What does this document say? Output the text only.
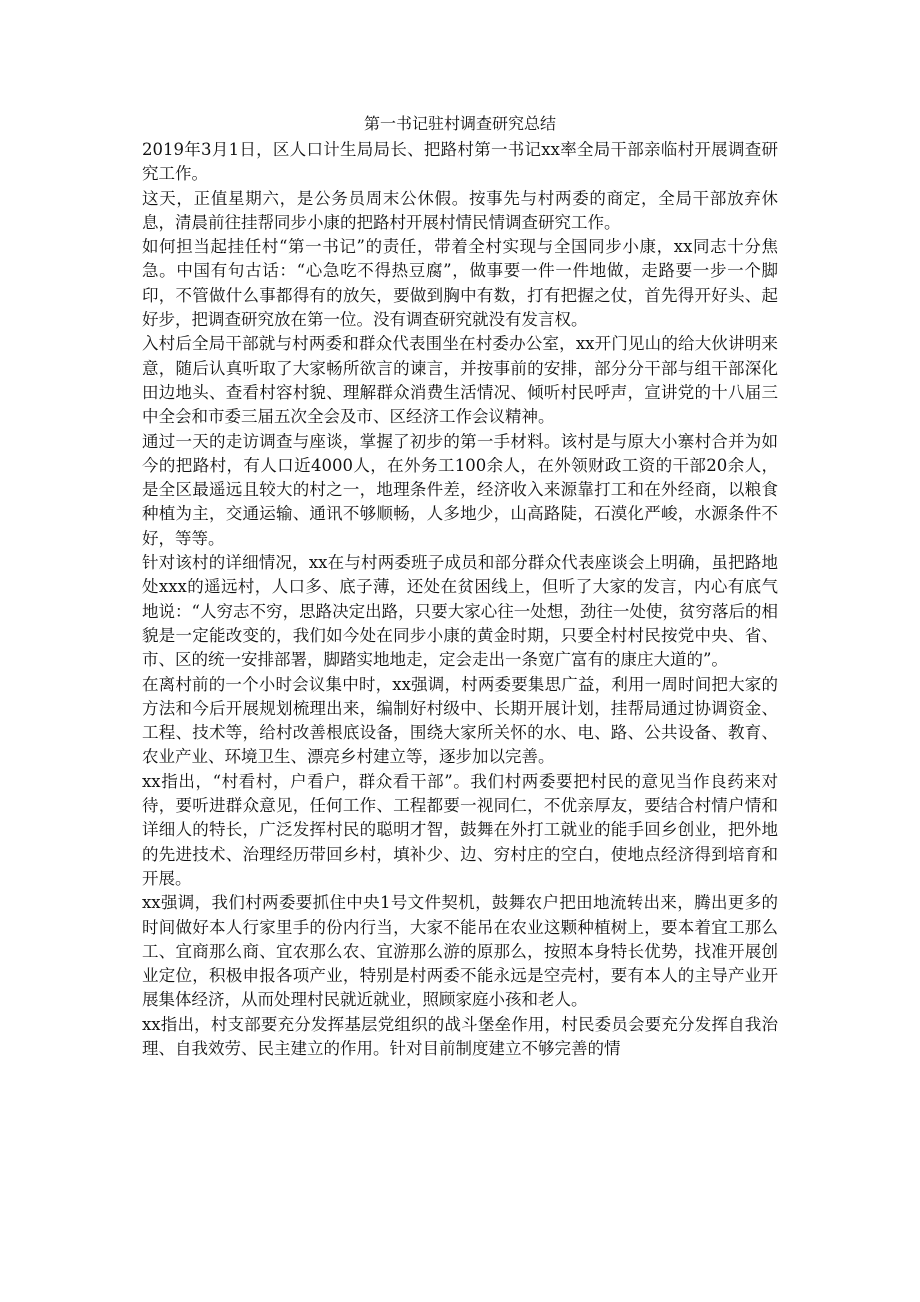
第一书记驻村调查研究总结

2019年3月1日，区人口计生局局长、把路村第一书记xx率全局干部亲临村开展调查研究工作。

这天，正值星期六，是公务员周末公休假。按事先与村两委的商定，全局干部放弃休息，清晨前往挂帮同步小康的把路村开展村情民情调查研究工作。

如何担当起挂任村“第一书记”的责任，带着全村实现与全国同步小康，xx同志十分焦急。中国有句古话：“心急吃不得热豆腐”，做事要一件一件地做，走路要一步一个脚印，不管做什么事都得有的放矢，要做到胸中有数，打有把握之仗，首先得开好头、起好步，把调查研究放在第一位。没有调查研究就没有发言权。

入村后全局干部就与村两委和群众代表围坐在村委办公室，xx开门见山的给大伙讲明来意，随后认真听取了大家畅所欲言的谏言，并按事前的安排，部分分干部与组干部深化田边地头、查看村容村貌、理解群众消费生活情况、倾听村民呼声，宣讲党的十八届三中全会和市委三届五次全会及市、区经济工作会议精神。

通过一天的走访调查与座谈，掌握了初步的第一手材料。该村是与原大小寨村合并为如今的把路村，有人口近4000人，在外务工100余人，在外领财政工资的干部20余人，是全区最遥远且较大的村之一，地理条件差，经济收入来源靠打工和在外经商，以粮食种植为主，交通运输、通讯不够顺畅，人多地少，山高路陡，石漠化严峻，水源条件不好，等等。

针对该村的详细情况，xx在与村两委班子成员和部分群众代表座谈会上明确，虽把路地处xxx的遥远村，人口多、底子薄，还处在贫困线上，但听了大家的发言，内心有底气地说：“人穷志不穷，思路决定出路，只要大家心往一处想，劲往一处使，贫穷落后的相貌是一定能改变的，我们如今处在同步小康的黄金时期，只要全村村民按党中央、省、市、区的统一安排部署，脚踏实地地走，定会走出一条宽广富有的康庄大道的”。

在离村前的一个小时会议集中时，xx强调，村两委要集思广益，利用一周时间把大家的方法和今后开展规划梳理出来，编制好村级中、长期开展计划，挂帮局通过协调资金、工程、技术等，给村改善根底设备，围绕大家所关怀的水、电、路、公共设备、教育、农业产业、环境卫生、漂亮乡村建立等，逐步加以完善。

xx指出，“村看村，户看户，群众看干部”。我们村两委要把村民的意见当作良药来对待，要听进群众意见，任何工作、工程都要一视同仁，不优亲厚友，要结合村情户情和详细人的特长，广泛发挥村民的聪明才智，鼓舞在外打工就业的能手回乡创业，把外地的先进技术、治理经历带回乡村，填补少、边、穷村庄的空白，使地点经济得到培育和开展。

xx强调，我们村两委要抓住中央1号文件契机，鼓舞农户把田地流转出来，腾出更多的时间做好本人行家里手的份内行当，大家不能吊在农业这颗种植树上，要本着宜工那么工、宜商那么商、宜农那么农、宜游那么游的原那么，按照本身特长优势，找准开展创业定位，积极申报各项产业，特别是村两委不能永远是空壳村，要有本人的主导产业开展集体经济，从而处理村民就近就业，照顾家庭小孩和老人。

xx指出，村支部要充分发挥基层党组织的战斗堡垒作用，村民委员会要充分发挥自我治理、自我效劳、民主建立的作用。针对目前制度建立不够完善的情
